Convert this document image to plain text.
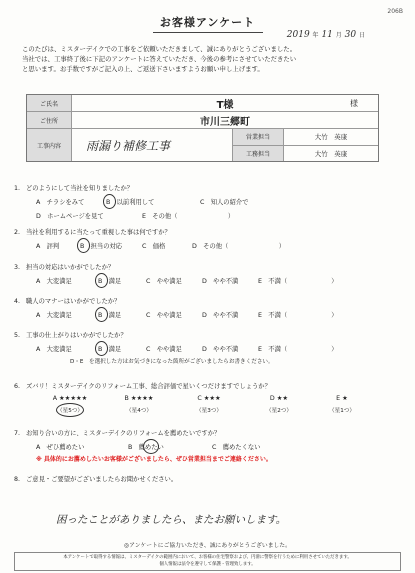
206B
お客様アンケート
2019 年 11 月 30 日
このたびは、ミスターデイクでの工事をご依頼いただきまして、誠にありがとうございました。
当社では、工事終了後に下記のアンケートに答えていただき、今後の参考にさせていただきたい
と思います。お手数ですがご記入の上、ご返送下さいますようお願い申し上げます。
ご氏名	T様	様
ご住所	市川三郷町
工事内容	雨漏り補修工事
営業担当	大竹　英康
工務担当	大竹　英康
1. どのようにして当社を知りましたか？
A　チラシをみて	B　以前利用して	C　知人の紹介で
D　ホームページを見て	E　その他（　　　　　　　　）
2. 当社を利用するに当たって重視した事は何ですか？
A　評判	B　担当の対応	C　価格	D　その他（　　　　　　　　）
3. 担当の対応はいかがでしたか？
A　大変満足	B　満足	C　やや満足	D　やや不満	E　不満（　　　　　　　）
4. 職人のマナーはいかがでしたか？
A　大変満足	B　満足	C　やや満足	D　やや不満	E　不満（　　　　　　　）
5. 工事の仕上がりはいかがでしたか？
A　大変満足	B　満足	C　やや満足	D　やや不満	E　不満（　　　　　　　）
D・E　を選択した方はお気づきになった箇所がございましたらお書きください。
6. ズバリ！ミスターデイクのリフォーム工事、総合評価で星いくつだけますでしょうか？
A ★★★★★
（星5つ）
B ★★★★
（星4つ）
C ★★★
（星3つ）
D ★★
（星2つ）
E ★
（星1つ）
7. お知り合いの方に、ミスターデイクのリフォームを薦めたいですか？
A　ぜひ薦めたい	B　薦めたい	C　薦めたくない
※ 具体的にお薦めしたいお客様がございましたら、ぜひ営業担当までご連絡ください。
8. ご意見・ご要望がございましたらお聞かせください。
困ったことがありましたら、またお願いします。
◎アンケートにご協力いただき、誠にありがとうございました。
本アンケートで取得する情報は、ミスターデイクの範囲内において、お客様の住宅警察および、円滑に警察を行うために利用させていただきます。
個人情報は法令を遵守して保護・管理致します。
